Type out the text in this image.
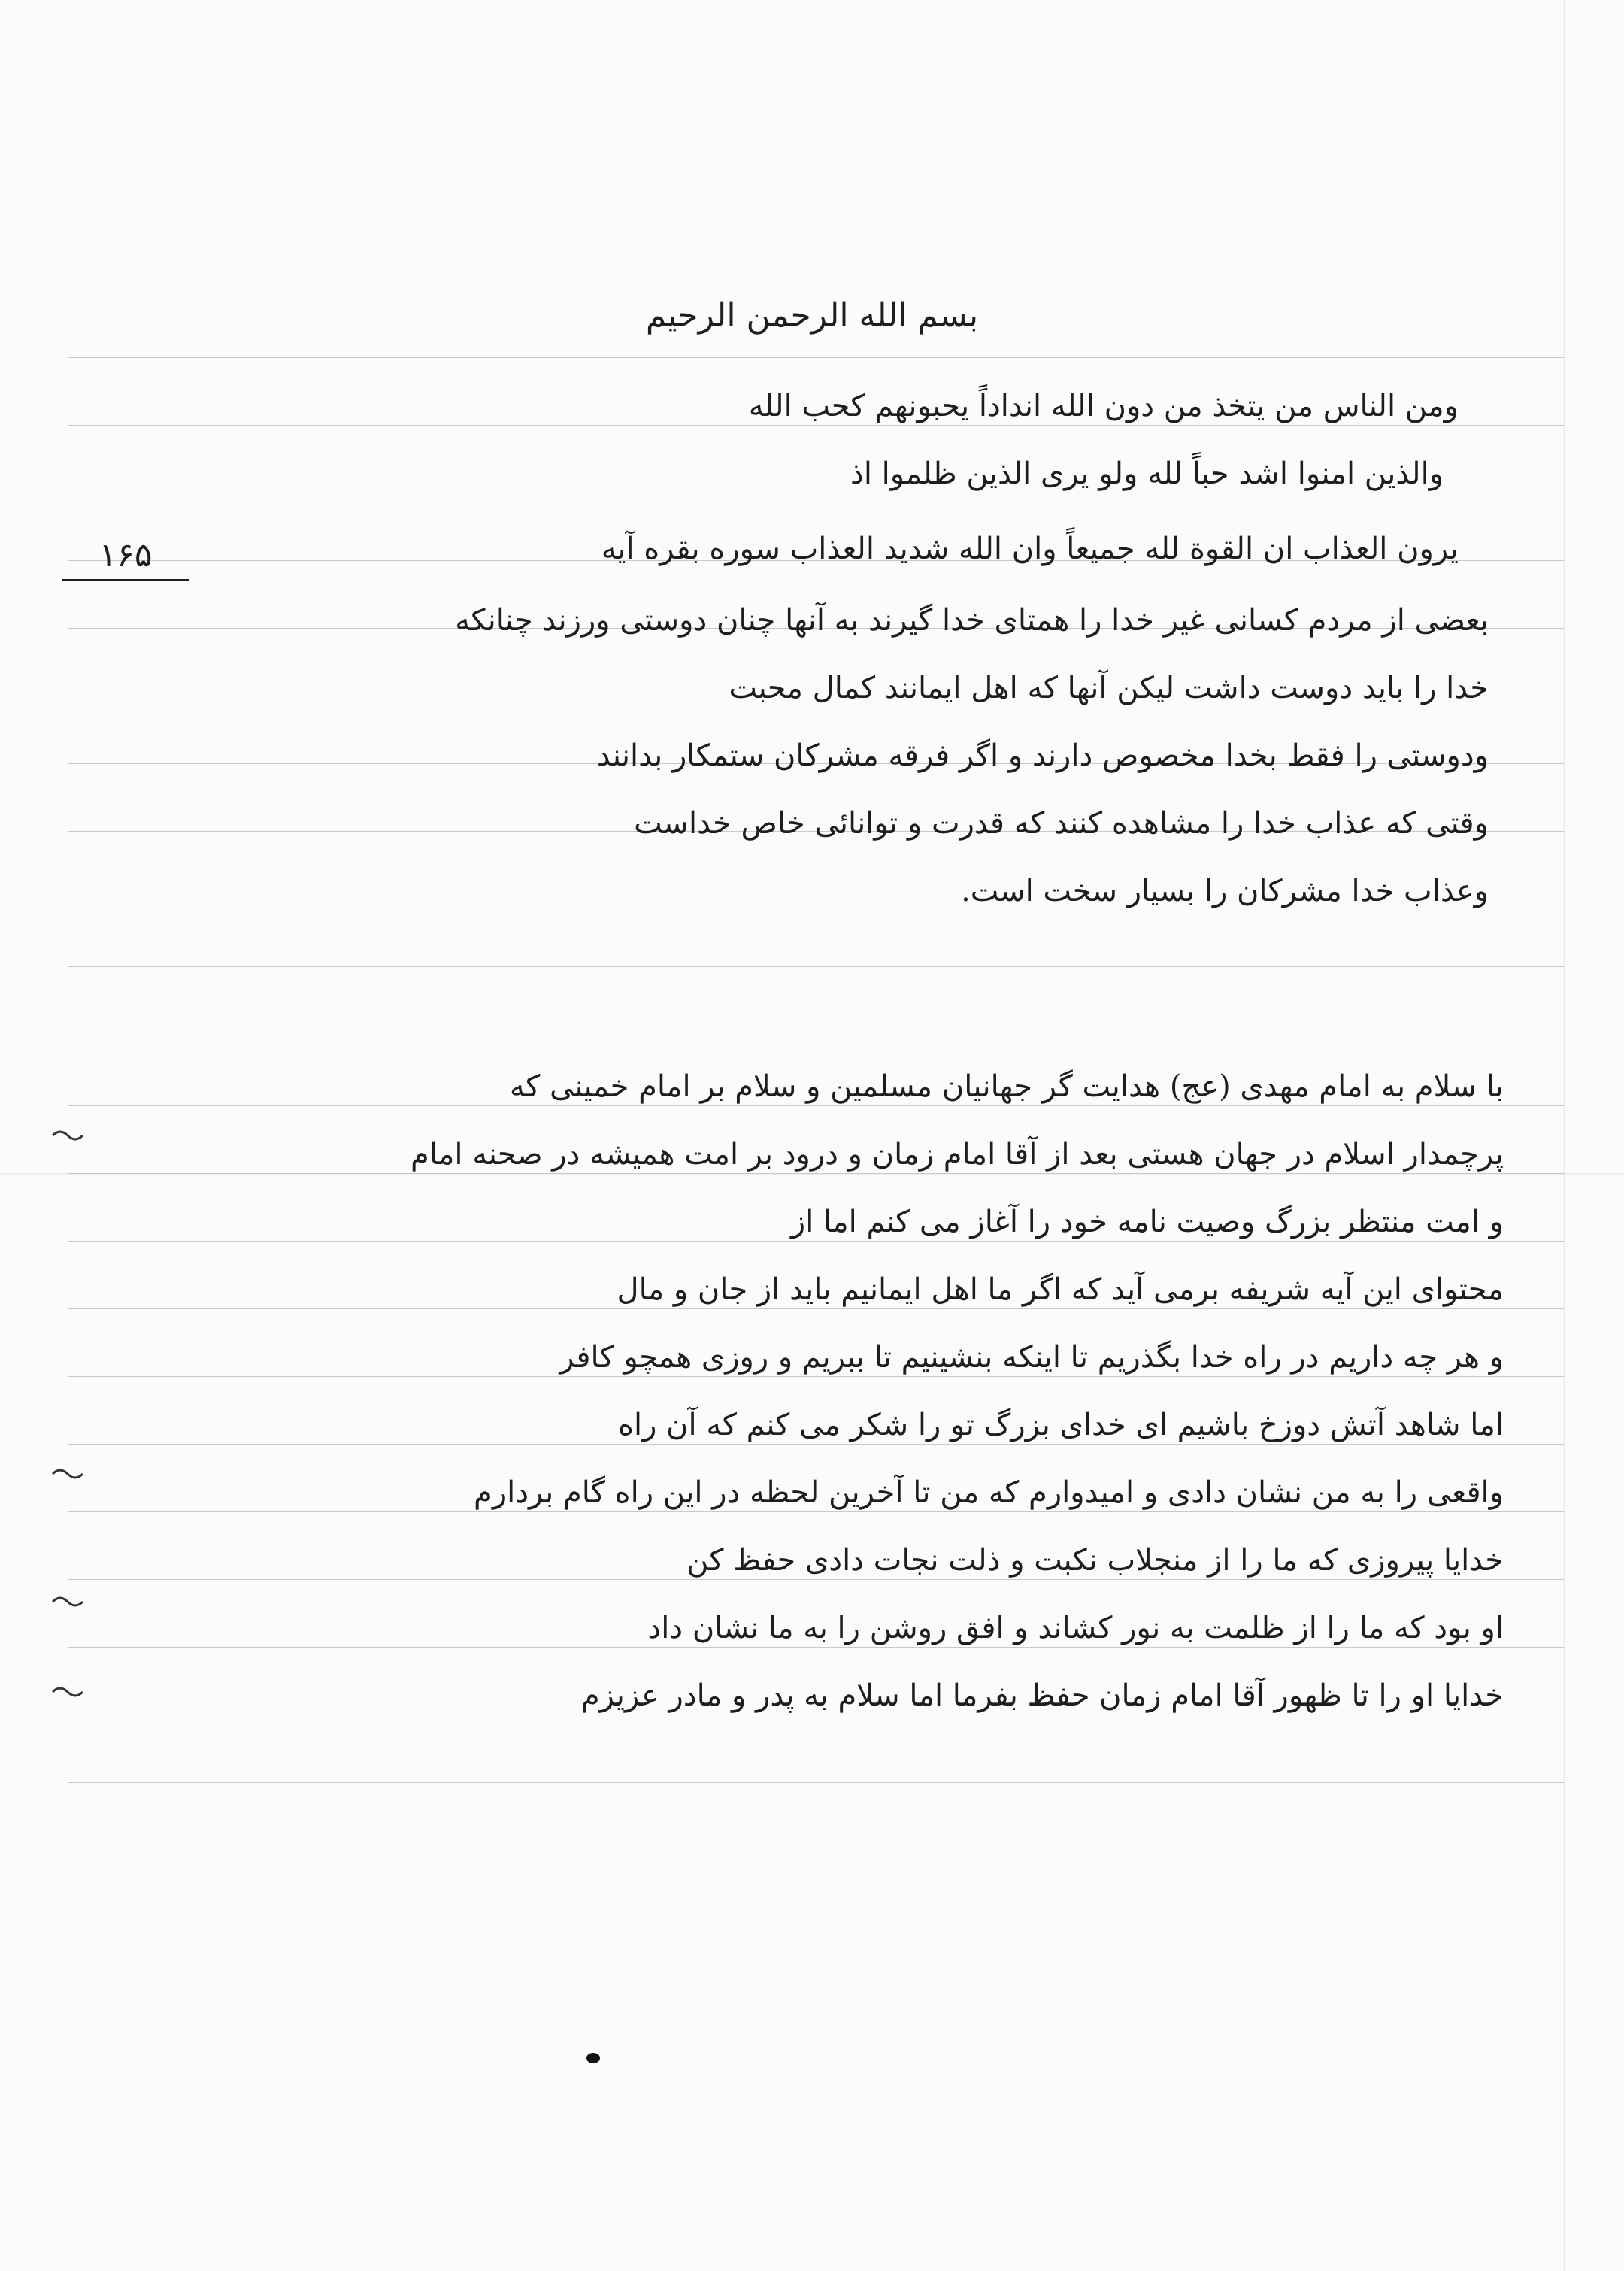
بسم الله الرحمن الرحیم
۱۶۵
ومن الناس من یتخذ من دون الله انداداً یحبونهم کحب الله
والذین امنوا اشد حباً لله ولو یری الذین ظلموا اذ
یرون العذاب ان القوة لله جمیعاً وان الله شدید العذاب سوره بقره آیه
بعضی از مردم کسانی غیر خدا را همتای خدا گیرند به آنها چنان دوستی ورزند چنانکه
خدا را باید دوست داشت لیکن آنها که اهل ایمانند کمال محبت
ودوستی را فقط بخدا مخصوص دارند و اگر فرقه مشرکان ستمکار بدانند
وقتی که عذاب خدا را مشاهده کنند که قدرت و توانائی خاص خداست
وعذاب خدا مشرکان را بسیار سخت است.
با سلام به امام مهدی (عج) هدایت گر جهانیان مسلمین و سلام بر امام خمینی که
پرچمدار اسلام در جهان هستی بعد از آقا امام زمان و درود بر امت همیشه در صحنه امام
و امت منتظر بزرگ وصیت نامه خود را آغاز می کنم اما از
محتوای این آیه شریفه برمی آید که اگر ما اهل ایمانیم باید از جان و مال
و هر چه داریم در راه خدا بگذریم تا اینکه بنشینیم تا ببریم و روزی همچو کافر
اما شاهد آتش دوزخ باشیم ای خدای بزرگ تو را شکر می کنم که آن راه
واقعی را به من نشان دادی و امیدوارم که من تا آخرین لحظه در این راه گام بردارم
خدایا پیروزی که ما را از منجلاب نکبت و ذلت نجات دادی حفظ کن
او بود که ما را از ظلمت به نور کشاند و افق روشن را به ما نشان داد
خدایا او را تا ظهور آقا امام زمان حفظ بفرما اما سلام به پدر و مادر عزیزم
